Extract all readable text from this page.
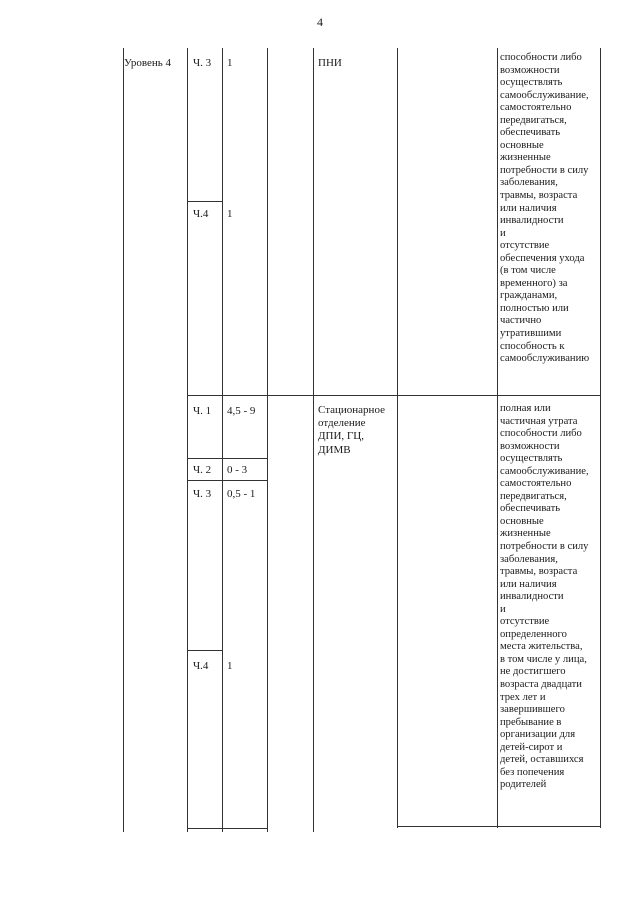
4
Уровень 4 Ч. 3 1
Ч.4 1
ПНИ	способности либо
возможности
осуществлять
самообслуживание,
самостоятельно
передвигаться,
обеспечивать
основные
жизненные
потребности в силу
заболевания,
травмы, возраста
или наличия
инвалидности
и
отсутствие
обеспечения ухода
(в том числе
временного) за
гражданами,
полностью или
частично
утратившими
способность к
самообслуживанию
Ч. 1 4,5 - 9
Ч. 2 0 - 3
Ч. 3 0,5 - 1
Ч.4 1
Стационарное
отделение
ДПИ, ГЦ,
ДИМВ
полная или
частичная утрата
способности либо
возможности
осуществлять
самообслуживание,
самостоятельно
передвигаться,
обеспечивать
основные
жизненные
потребности в силу
заболевания,
травмы, возраста
или наличия
инвалидности
и
отсутствие
определенного
места жительства,
в том числе у лица,
не достигшего
возраста двадцати
трех лет и
завершившего
пребывание в
организации для
детей-сирот и
детей, оставшихся
без попечения
родителей
